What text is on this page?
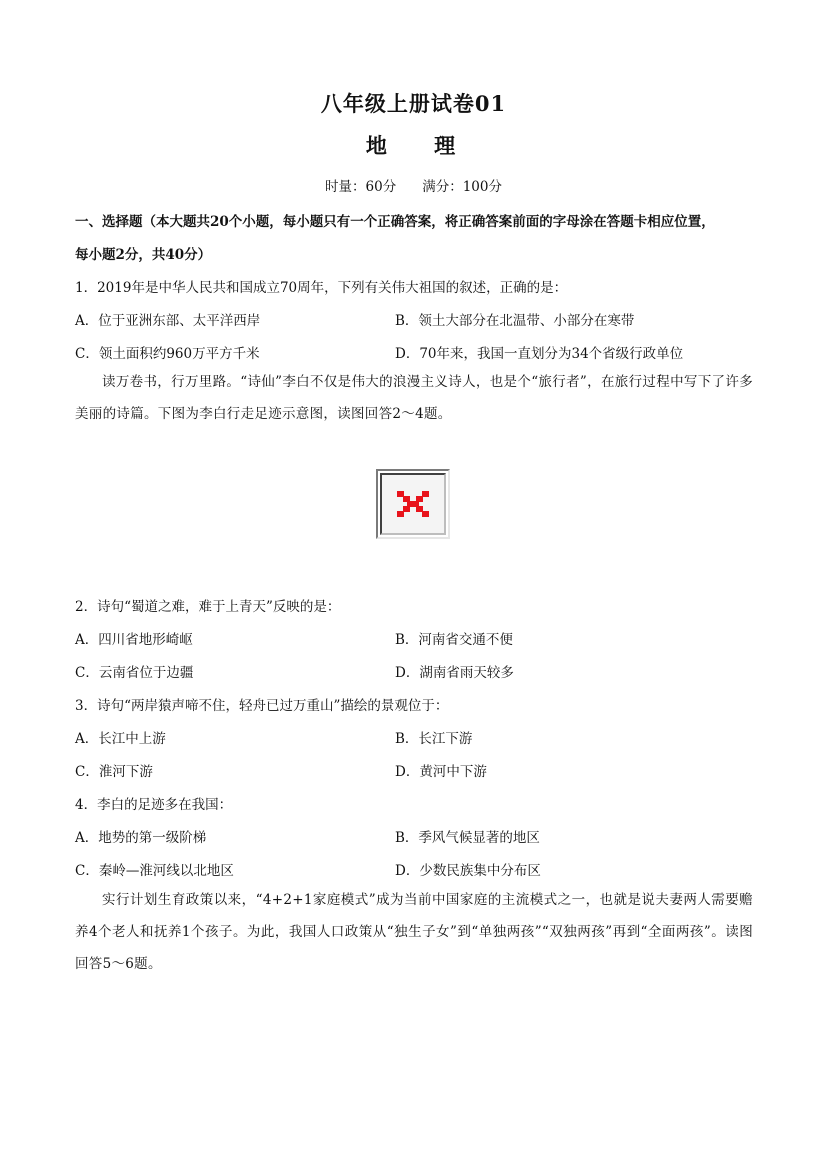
八年级上册试卷01
地 理
时量：60分 满分：100分
一、选择题（本大题共20个小题，每小题只有一个正确答案，将正确答案前面的字母涂在答题卡相应位置，
每小题2分，共40分）
1．2019年是中华人民共和国成立70周年，下列有关伟大祖国的叙述，正确的是：
A．位于亚洲东部、太平洋西岸	B．领土大部分在北温带、小部分在寒带
C．领土面积约960万平方千米	D．70年来，我国一直划分为34个省级行政单位
读万卷书，行万里路。“诗仙”李白不仅是伟大的浪漫主义诗人，也是个“旅行者”，在旅行过程中写下了许多美丽的诗篇。下图为李白行走足迹示意图，读图回答2～4题。
2．诗句“蜀道之难，难于上青天”反映的是：
A．四川省地形崎岖	B．河南省交通不便
C．云南省位于边疆	D．湖南省雨天较多
3．诗句“两岸猿声啼不住，轻舟已过万重山”描绘的景观位于：
A．长江中上游	B．长江下游
C．淮河下游	D．黄河中下游
4．李白的足迹多在我国：
A．地势的第一级阶梯	B．季风气候显著的地区
C．秦岭—淮河线以北地区	D．少数民族集中分布区
实行计划生育政策以来，“4+2+1家庭模式”成为当前中国家庭的主流模式之一，也就是说夫妻两人需要赡养4个老人和抚养1个孩子。为此，我国人口政策从“独生子女”到“单独两孩”“双独两孩”再到“全面两孩”。读图回答5～6题。
